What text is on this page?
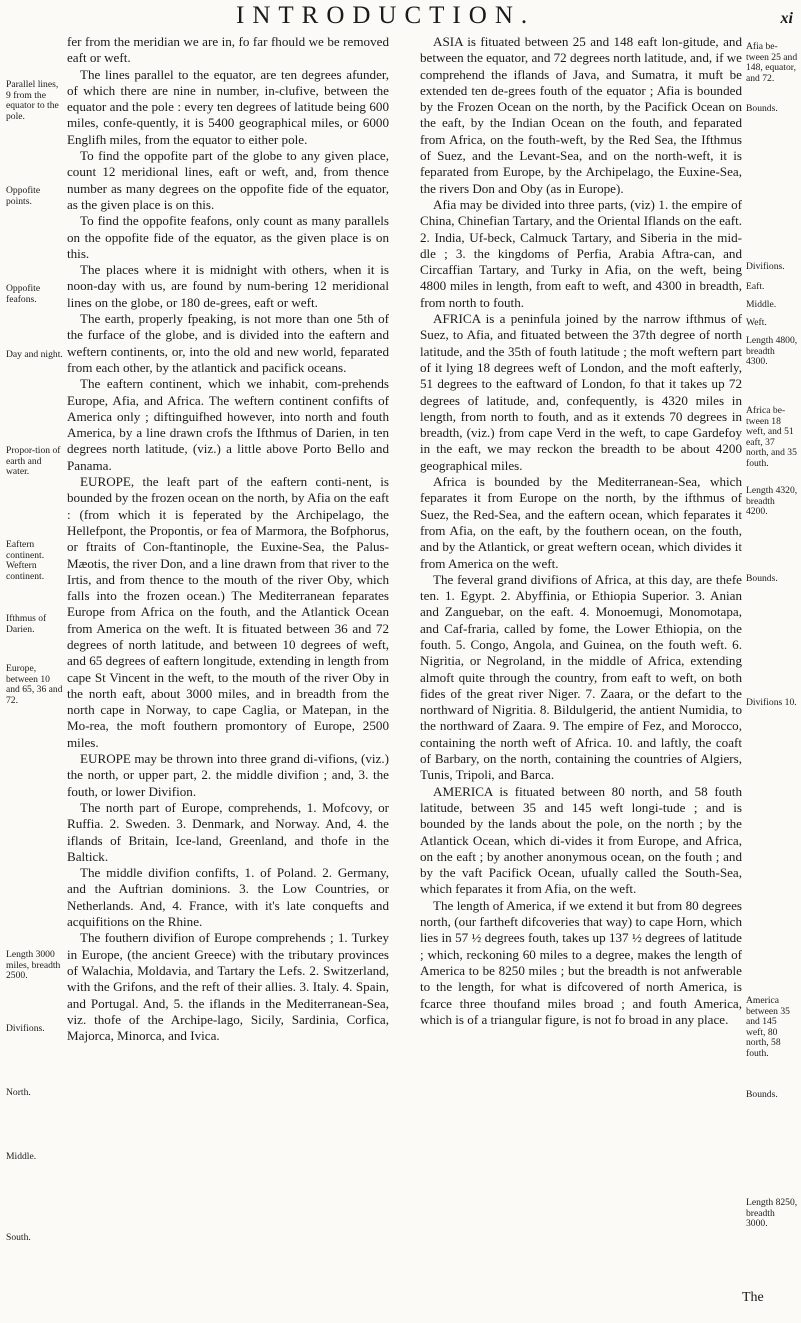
INTRODUCTION.	xi
Parallel lines, 9 from the equator to the pole.
Oppofite points.
Oppofite feafons.
Day and night.
Propor-tion of earth and water.
Eaftern continent. Weftern continent.
Ifthmus of Darien.
Europe, between 10 and 65, 36 and 72.
Length 3000 miles, breadth 2500.
Divifions.
North.
Middle.
South.

fer from the meridian we are in, fo far fhould we be removed eaft or weft.

The lines parallel to the equator, are ten degrees afunder, of which there are nine in number, in-clufive, between the equator and the pole : every ten degrees of latitude being 600 miles, confe-quently, it is 5400 geographical miles, or 6000 Englifh miles, from the equator to either pole.

To find the oppofite part of the globe to any given place, count 12 meridional lines, eaft or weft, and, from thence number as many degrees on the oppofite fide of the equator, as the given place is on this.

To find the oppofite feafons, only count as many parallels on the oppofite fide of the equator, as the given place is on this.

The places where it is midnight with others, when it is noon-day with us, are found by num-bering 12 meridional lines on the globe, or 180 de-grees, eaft or weft.

The earth, properly fpeaking, is not more than one 5th of the furface of the globe, and is divided into the eaftern and weftern continents, or, into the old and new world, feparated from each other, by the atlantick and pacifick oceans.

The eaftern continent, which we inhabit, com-prehends Europe, Afia, and Africa. The weftern continent confifts of America only ; diftinguifhed however, into north and fouth America, by a line drawn crofs the Ifthmus of Darien, in ten degrees north latitude, (viz.) a little above Porto Bello and Panama.

EUROPE, the leaft part of the eaftern conti-nent, is bounded by the frozen ocean on the north, by Afia on the eaft : (from which it is feperated by the Archipelago, the Hellefpont, the Propontis, or fea of Marmora, the Bofphorus, or ftraits of Con-ftantinople, the Euxine-Sea, the Palus-Mæotis, the river Don, and a line drawn from that river to the Irtis, and from thence to the mouth of the river Oby, which falls into the frozen ocean.) The Mediterranean feparates Europe from Africa on the fouth, and the Atlantick Ocean from America on the weft. It is fituated between 36 and 72 degrees of north latitude, and between 10 degrees of weft, and 65 degrees of eaftern longitude, extending in length from cape St Vincent in the weft, to the mouth of the river Oby in the north eaft, about 3000 miles, and in breadth from the north cape in Norway, to cape Caglia, or Matepan, in the Mo-rea, the moft fouthern promontory of Europe, 2500 miles.

EUROPE may be thrown into three grand di-vifions, (viz.) the north, or upper part, 2. the middle divifion ; and, 3. the fouth, or lower Divifion.

The north part of Europe, comprehends, 1. Mofcovy, or Ruffia. 2. Sweden. 3. Denmark, and Norway. And, 4. the iflands of Britain, Ice-land, Greenland, and thofe in the Baltick.

The middle divifion confifts, 1. of Poland. 2. Germany, and the Auftrian dominions. 3. the Low Countries, or Netherlands. And, 4. France, with it's late conquefts and acquifitions on the Rhine.

The fouthern divifion of Europe comprehends ; 1. Turkey in Europe, (the ancient Greece) with the tributary provinces of Walachia, Moldavia, and Tartary the Lefs. 2. Switzerland, with the Grifons, and the reft of their allies. 3. Italy. 4. Spain, and Portugal. And, 5. the iflands in the Mediterranean-Sea, viz. thofe of the Archipe-lago, Sicily, Sardinia, Corfica, Majorca, Minorca, and Ivica.

ASIA is fituated between 25 and 148 eaft lon-gitude, and between the equator, and 72 degrees north latitude, and, if we comprehend the iflands of Java, and Sumatra, it muft be extended ten de-grees fouth of the equator ; Afia is bounded by the Frozen Ocean on the north, by the Pacifick Ocean on the eaft, by the Indian Ocean on the fouth, and feparated from Africa, on the fouth-weft, by the Red Sea, the Ifthmus of Suez, and the Levant-Sea, and on the north-weft, it is feparated from Europe, by the Archipelago, the Euxine-Sea, the rivers Don and Oby (as in Europe).

Afia may be divided into three parts, (viz) 1. the empire of China, Chinefian Tartary, and the Oriental Iflands on the eaft. 2. India, Uf-beck, Calmuck Tartary, and Siberia in the mid-dle ; 3. the kingdoms of Perfia, Arabia Aftra-can, and Circaffian Tartary, and Turky in Afia, on the weft, being 4800 miles in length, from eaft to weft, and 4300 in breadth, from north to fouth.

AFRICA is a peninfula joined by the narrow ifthmus of Suez, to Afia, and fituated between the 37th degree of north latitude, and the 35th of fouth latitude ; the moft weftern part of it lying 18 degrees weft of London, and the moft eafterly, 51 degrees to the eaftward of London, fo that it takes up 72 degrees of latitude, and, confequently, is 4320 miles in length, from north to fouth, and as it extends 70 degrees in breadth, (viz.) from cape Verd in the weft, to cape Gardefoy in the eaft, we may reckon the breadth to be about 4200 geographical miles.

Africa is bounded by the Mediterranean-Sea, which feparates it from Europe on the north, by the ifthmus of Suez, the Red-Sea, and the eaftern ocean, which feparates it from Afia, on the eaft, by the fouthern ocean, on the fouth, and by the Atlantick, or great weftern ocean, which divides it from America on the weft.

The feveral grand divifions of Africa, at this day, are thefe ten. 1. Egypt. 2. Abyffinia, or Ethiopia Superior. 3. Anian and Zanguebar, on the eaft. 4. Monoemugi, Monomotapa, and Caf-fraria, called by fome, the Lower Ethiopia, on the fouth. 5. Congo, Angola, and Guinea, on the fouth weft. 6. Nigritia, or Negroland, in the middle of Africa, extending almoft quite through the country, from eaft to weft, on both fides of the great river Niger. 7. Zaara, or the defart to the northward of Nigritia. 8. Bildulgerid, the antient Numidia, to the northward of Zaara. 9. The empire of Fez, and Morocco, containing the north weft of Africa. 10. and laftly, the coaft of Barbary, on the north, containing the countries of Algiers, Tunis, Tripoli, and Barca.

AMERICA is fituated between 80 north, and 58 fouth latitude, between 35 and 145 weft longi-tude ; and is bounded by the lands about the pole, on the north ; by the Atlantick Ocean, which di-vides it from Europe, and Africa, on the eaft ; by another anonymous ocean, on the fouth ; and by the vaft Pacifick Ocean, ufually called the South-Sea, which feparates it from Afia, on the weft.

The length of America, if we extend it but from 80 degrees north, (our fartheft difcoveries that way) to cape Horn, which lies in 57 ½ degrees fouth, takes up 137 ½ degrees of latitude ; which, reckoning 60 miles to a degree, makes the length of America to be 8250 miles ; but the breadth is not anfwerable to the length, for what is difcovered of north America, is fcarce three thoufand miles broad ; and fouth America, which is of a triangular figure, is not fo broad in any place.

Afia be-tween 25 and 148, equator, and 72.
Bounds.
Divifions.
Eaft.
Middle.
Weft.
Length 4800, breadth 4300.
Africa be-tween 18 weft, and 51 eaft, 37 north, and 35 fouth.
Length 4320, breadth 4200.
Bounds.
Divifions 10.
America between 35 and 145 weft, 80 north, 58 fouth.
Bounds.
Length 8250, breadth 3000.
The
